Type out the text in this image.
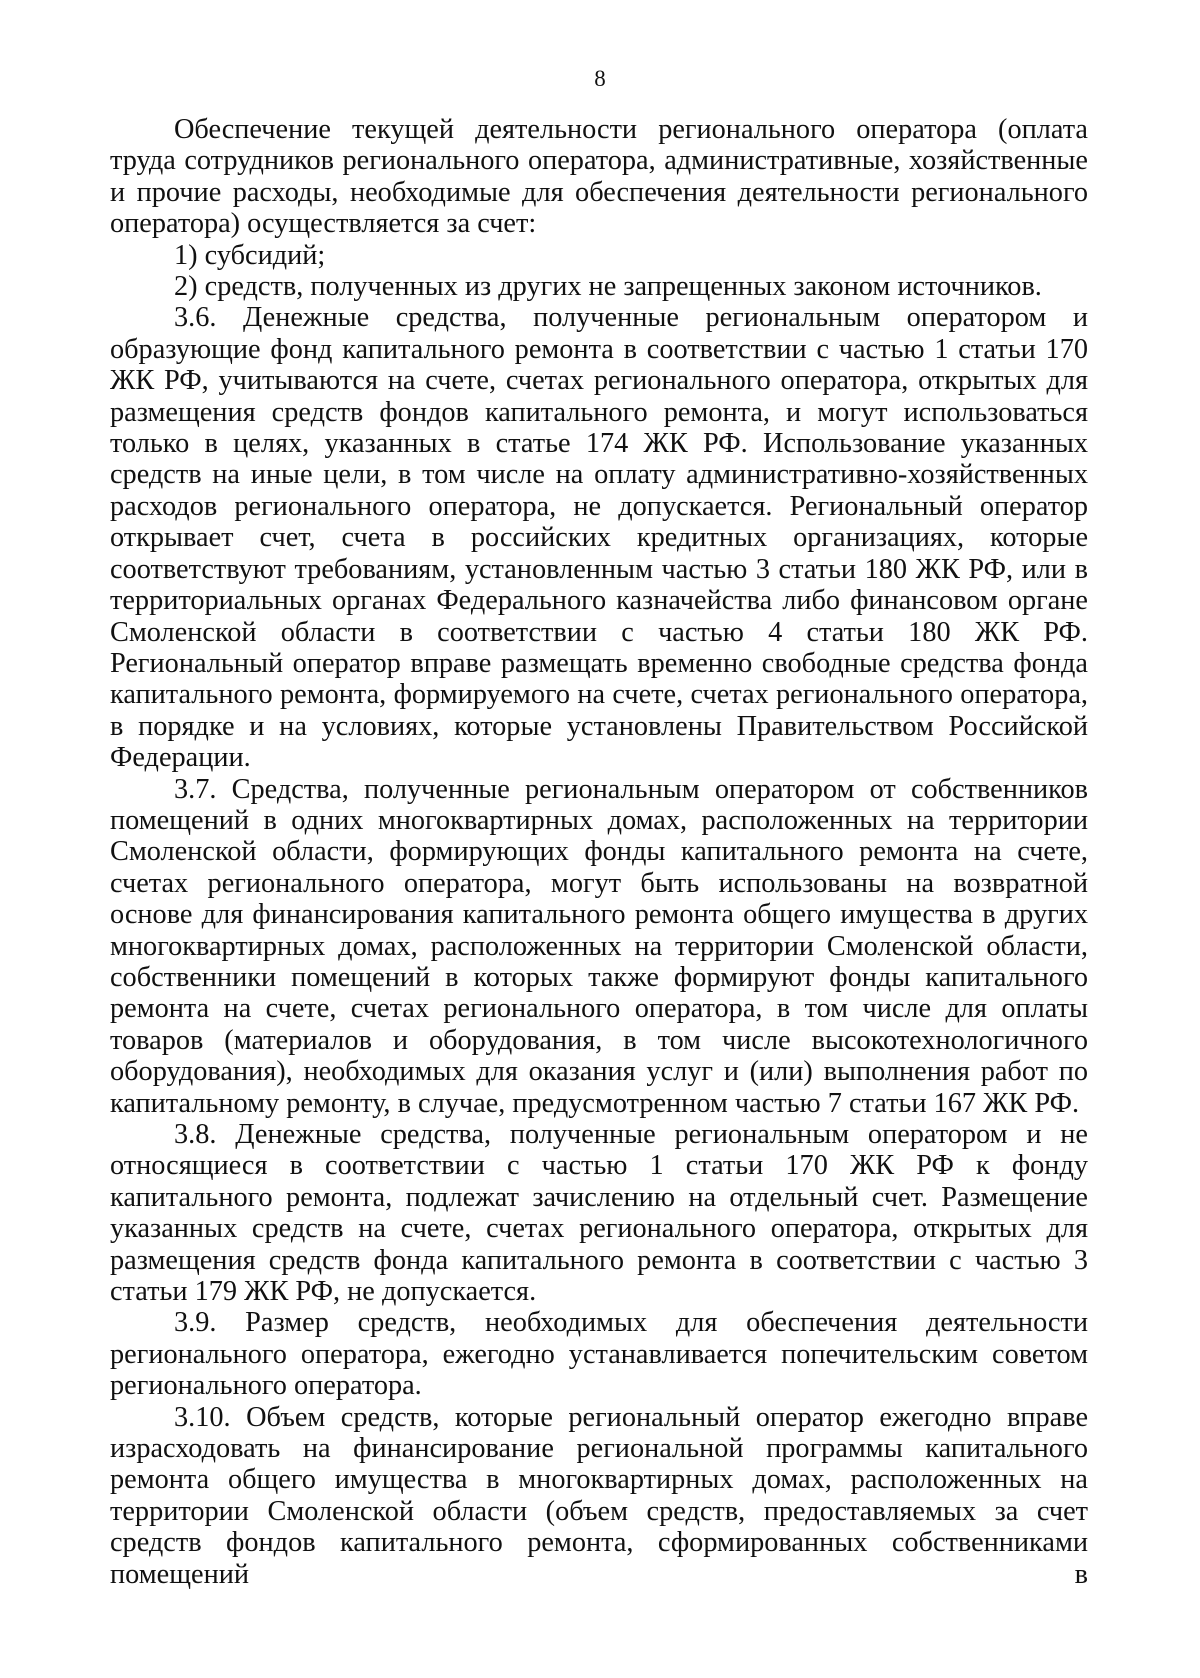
8

Обеспечение текущей деятельности регионального оператора (оплата труда сотрудников регионального оператора, административные, хозяйственные и прочие расходы, необходимые для обеспечения деятельности регионального оператора) осуществляется за счет:

1) субсидий;

2) средств, полученных из других не запрещенных законом источников.

3.6. Денежные средства, полученные региональным оператором и образующие фонд капитального ремонта в соответствии с частью 1 статьи 170 ЖК РФ, учитываются на счете, счетах регионального оператора, открытых для размещения средств фондов капитального ремонта, и могут использоваться только в целях, указанных в статье 174 ЖК РФ. Использование указанных средств на иные цели, в том числе на оплату административно-хозяйственных расходов регионального оператора, не допускается. Региональный оператор открывает счет, счета в российских кредитных организациях, которые соответствуют требованиям, установленным частью 3 статьи 180 ЖК РФ, или в территориальных органах Федерального казначейства либо финансовом органе Смоленской области в соответствии с частью 4 статьи 180 ЖК РФ. Региональный оператор вправе размещать временно свободные средства фонда капитального ремонта, формируемого на счете, счетах регионального оператора, в порядке и на условиях, которые установлены Правительством Российской Федерации.

3.7. Средства, полученные региональным оператором от собственников помещений в одних многоквартирных домах, расположенных на территории Смоленской области, формирующих фонды капитального ремонта на счете, счетах регионального оператора, могут быть использованы на возвратной основе для финансирования капитального ремонта общего имущества в других многоквартирных домах, расположенных на территории Смоленской области, собственники помещений в которых также формируют фонды капитального ремонта на счете, счетах регионального оператора, в том числе для оплаты товаров (материалов и оборудования, в том числе высокотехнологичного оборудования), необходимых для оказания услуг и (или) выполнения работ по капитальному ремонту, в случае, предусмотренном частью 7 статьи 167 ЖК РФ.

3.8. Денежные средства, полученные региональным оператором и не относящиеся в соответствии с частью 1 статьи 170 ЖК РФ к фонду капитального ремонта, подлежат зачислению на отдельный счет. Размещение указанных средств на счете, счетах регионального оператора, открытых для размещения средств фонда капитального ремонта в соответствии с частью 3 статьи 179 ЖК РФ, не допускается.

3.9. Размер средств, необходимых для обеспечения деятельности регионального оператора, ежегодно устанавливается попечительским советом регионального оператора.

3.10. Объем средств, которые региональный оператор ежегодно вправе израсходовать на финансирование региональной программы капитального ремонта общего имущества в многоквартирных домах, расположенных на территории Смоленской области (объем средств, предоставляемых за счет средств фондов капитального ремонта, сформированных собственниками помещений в
